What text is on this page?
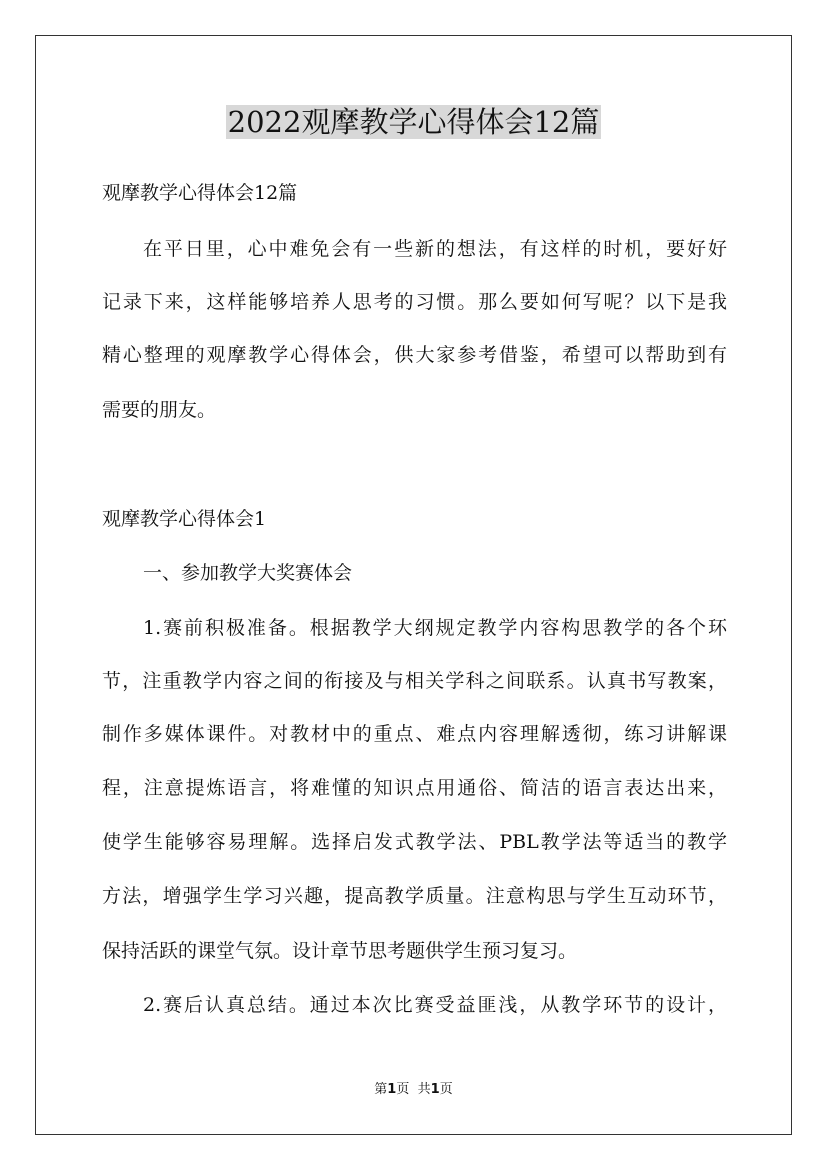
2022观摩教学心得体会12篇
观摩教学心得体会12篇
在平日里，心中难免会有一些新的想法，有这样的时机，要好好
记录下来，这样能够培养人思考的习惯。那么要如何写呢？以下是我
精心整理的观摩教学心得体会，供大家参考借鉴，希望可以帮助到有
需要的朋友。
观摩教学心得体会1
一、参加教学大奖赛体会
1.赛前积极准备。根据教学大纲规定教学内容构思教学的各个环
节，注重教学内容之间的衔接及与相关学科之间联系。认真书写教案，
制作多媒体课件。对教材中的重点、难点内容理解透彻，练习讲解课
程，注意提炼语言，将难懂的知识点用通俗、简洁的语言表达出来，
使学生能够容易理解。选择启发式教学法、PBL教学法等适当的教学
方法，增强学生学习兴趣，提高教学质量。注意构思与学生互动环节，
保持活跃的课堂气氛。设计章节思考题供学生预习复习。
2.赛后认真总结。通过本次比赛受益匪浅，从教学环节的设计，
第1页 共1页
